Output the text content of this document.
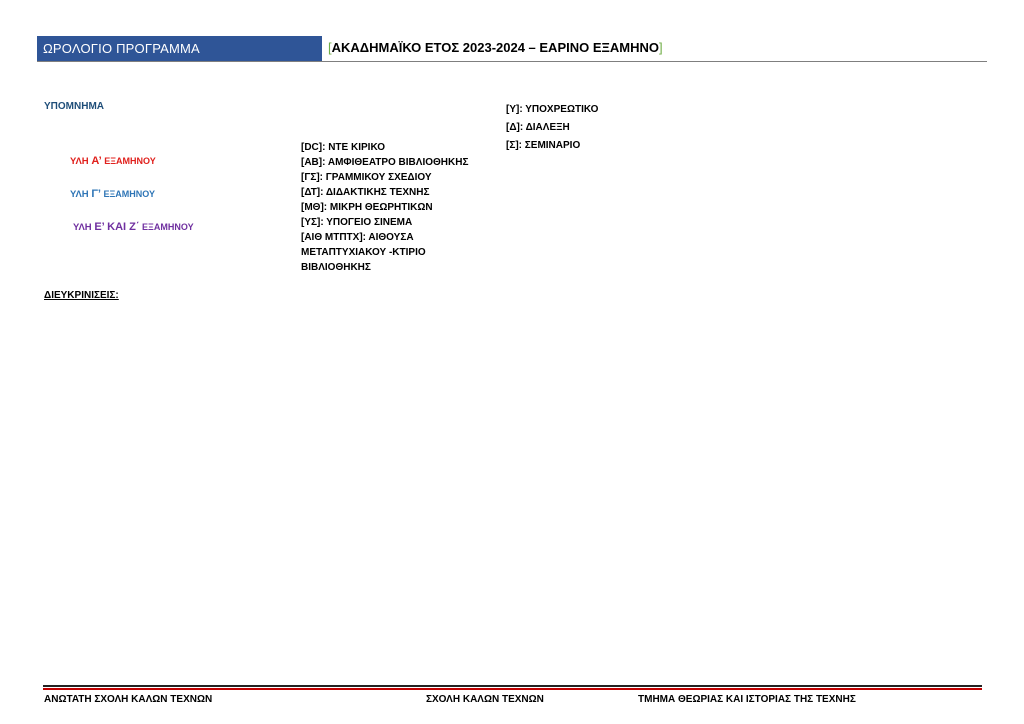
ΩΡΟΛΟΓΙΟ ΠΡΟΓΡΑΜΜΑ	[ΑΚΑΔΗΜΑΪΚΟ ΕΤΟΣ 2023-2024 – ΕΑΡΙΝΟ ΕΞΑΜΗΝΟ]
ΥΠΟΜΝΗΜΑ
ΥΛΗ Α’ ΕΞΑΜΗΝΟΥ
ΥΛΗ Γ’ ΕΞΑΜΗΝΟΥ
ΥΛΗ Ε’ ΚΑΙ Ζ΄ ΕΞΑΜΗΝΟΥ
[DC]: ΝΤΕ ΚΙΡΙΚΟ
[ΑΒ]: ΑΜΦΙΘΕΑΤΡΟ ΒΙΒΛΙΟΘΗΚΗΣ
[ΓΣ]: ΓΡΑΜΜΙΚΟΥ ΣΧΕΔΙΟΥ
[ΔΤ]: ΔΙΔΑΚΤΙΚΗΣ ΤΕΧΝΗΣ
[ΜΘ]: ΜΙΚΡΗ ΘΕΩΡΗΤΙΚΩΝ
[ΥΣ]: ΥΠΟΓΕΙΟ ΣΙΝΕΜΑ
[ΑΙΘ ΜΤΠΤΧ]: ΑΙΘΟΥΣΑ ΜΕΤΑΠΤΥΧΙΑΚΟΥ -ΚΤΙΡΙΟ ΒΙΒΛΙΟΘΗΚΗΣ
[Υ]: ΥΠΟΧΡΕΩΤΙΚΟ
[Δ]: ΔΙΑΛΕΞΗ
[Σ]: ΣΕΜΙΝΑΡΙΟ
ΔΙΕΥΚΡΙΝΙΣΕΙΣ:
ΑΝΩΤΑΤΗ ΣΧΟΛΗ ΚΑΛΩΝ ΤΕΧΝΩΝ	ΣΧΟΛΗ ΚΑΛΩΝ ΤΕΧΝΩΝ	ΤΜΗΜΑ ΘΕΩΡΙΑΣ ΚΑΙ ΙΣΤΟΡΙΑΣ ΤΗΣ ΤΕΧΝΗΣ
